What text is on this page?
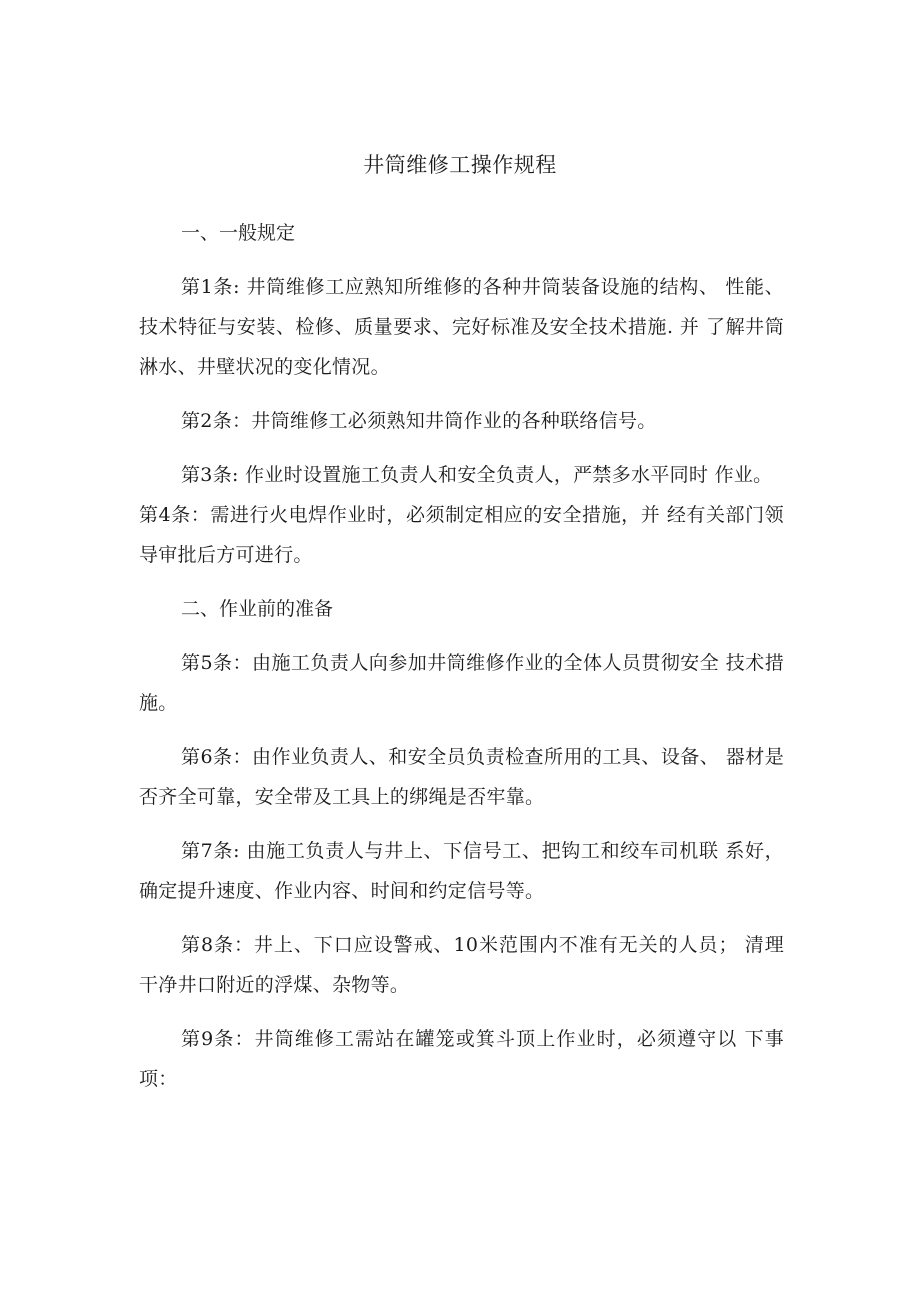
井筒维修工操作规程
一、一般规定

第1条: 井筒维修工应熟知所维修的各种井筒装备设施的结构、 性能、技术特征与安装、检修、质量要求、完好标准及安全技术措施. 并 了解井筒淋水、井壁状况的变化情况。

第2条：井筒维修工必须熟知井筒作业的各种联络信号。

第3条: 作业时设置施工负责人和安全负责人，严禁多水平同时 作业。

第4条：需进行火电焊作业时，必须制定相应的安全措施，并 经有关部门领导审批后方可进行。

二、作业前的准备

第5条：由施工负责人向参加井筒维修作业的全体人员贯彻安全 技术措施。

第6条：由作业负责人、和安全员负责检查所用的工具、设备、 器材是否齐全可靠，安全带及工具上的绑绳是否牢靠。

第7条: 由施工负责人与井上、下信号工、把钩工和绞车司机联 系好，确定提升速度、作业内容、时间和约定信号等。

第8条：井上、下口应设警戒、10米范围内不准有无关的人员； 清理干净井口附近的浮煤、杂物等。

第9条：井筒维修工需站在罐笼或箕斗顶上作业时，必须遵守以 下事项：
